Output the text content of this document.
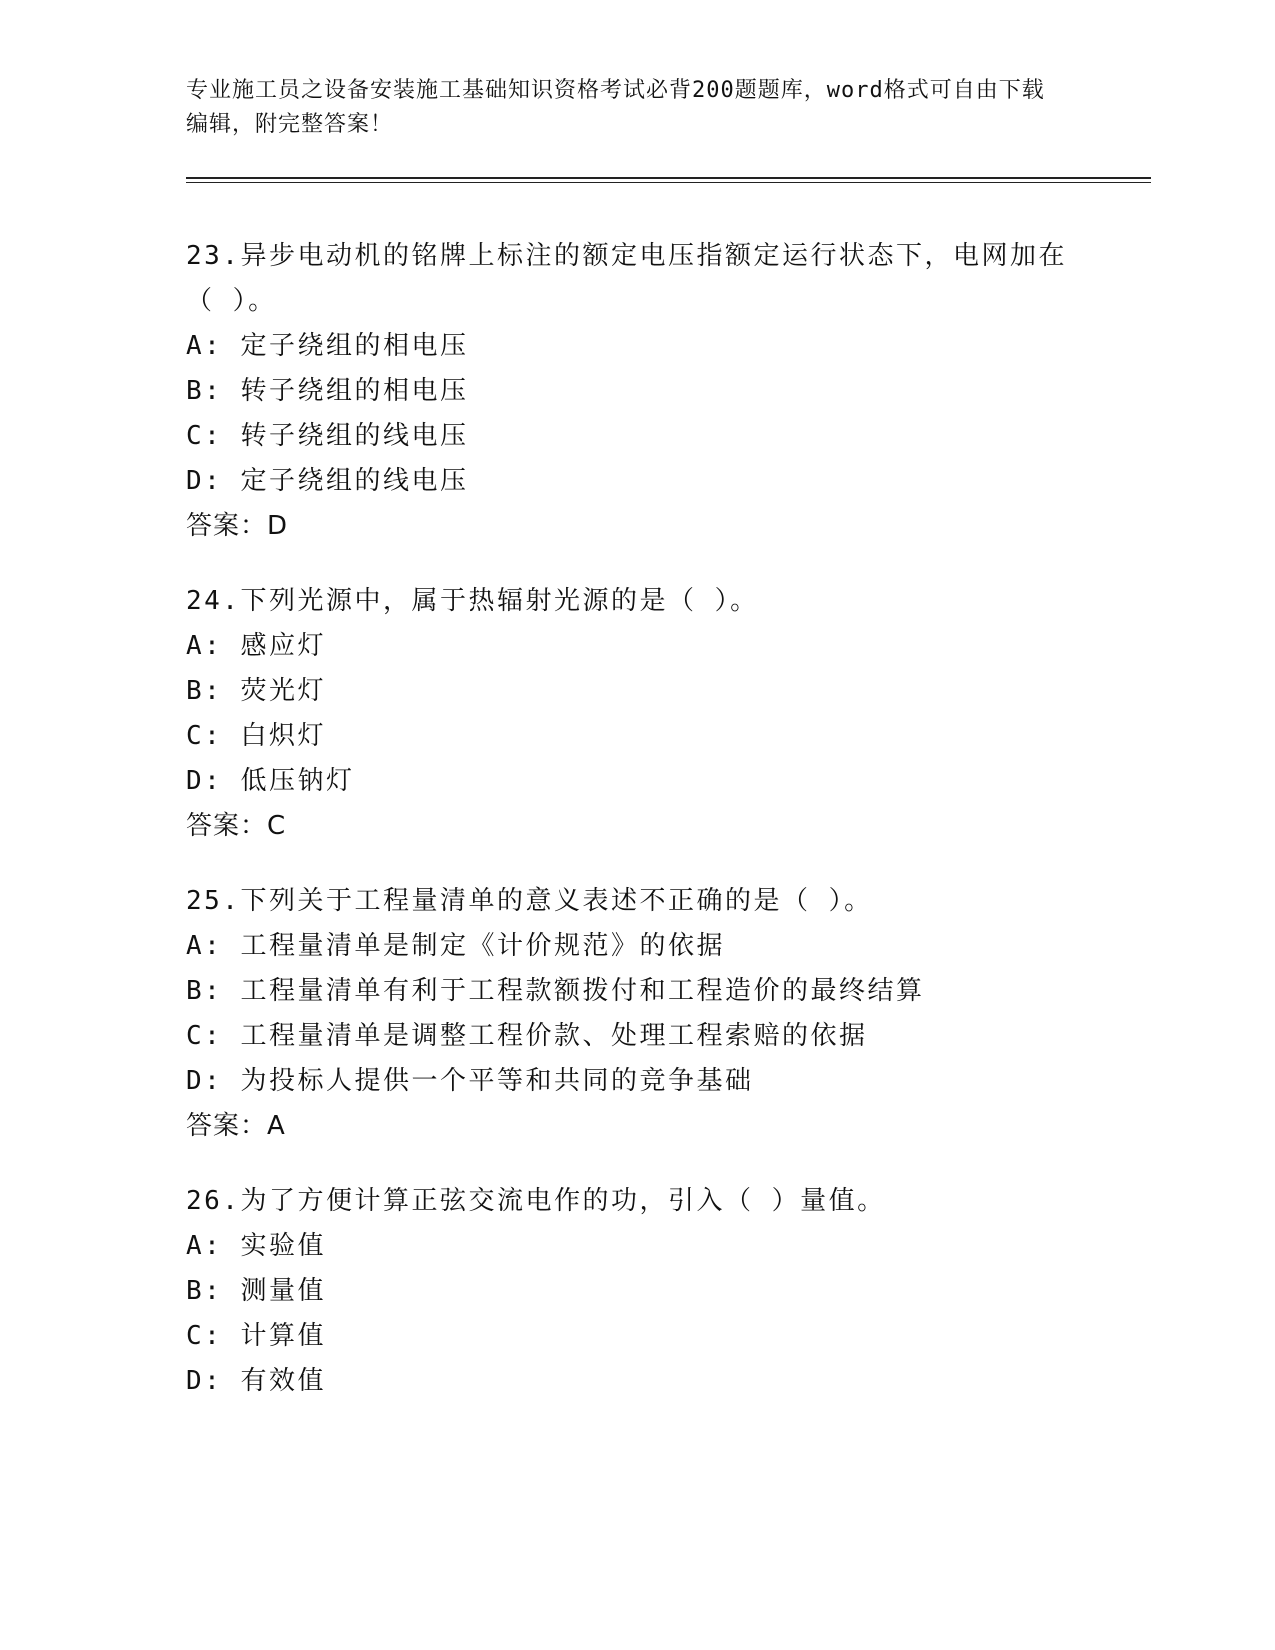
专业施工员之设备安装施工基础知识资格考试必背200题题库，word格式可自由下载编辑，附完整答案！
23.异步电动机的铭牌上标注的额定电压指额定运行状态下，电网加在（ ）。
A: 定子绕组的相电压
B: 转子绕组的相电压
C: 转子绕组的线电压
D: 定子绕组的线电压
答案：D
24.下列光源中，属于热辐射光源的是（ ）。
A: 感应灯
B: 荧光灯
C: 白炽灯
D: 低压钠灯
答案：C
25.下列关于工程量清单的意义表述不正确的是（ ）。
A: 工程量清单是制定《计价规范》的依据
B: 工程量清单有利于工程款额拨付和工程造价的最终结算
C: 工程量清单是调整工程价款、处理工程索赔的依据
D: 为投标人提供一个平等和共同的竞争基础
答案：A
26.为了方便计算正弦交流电作的功，引入（ ）量值。
A: 实验值
B: 测量值
C: 计算值
D: 有效值
